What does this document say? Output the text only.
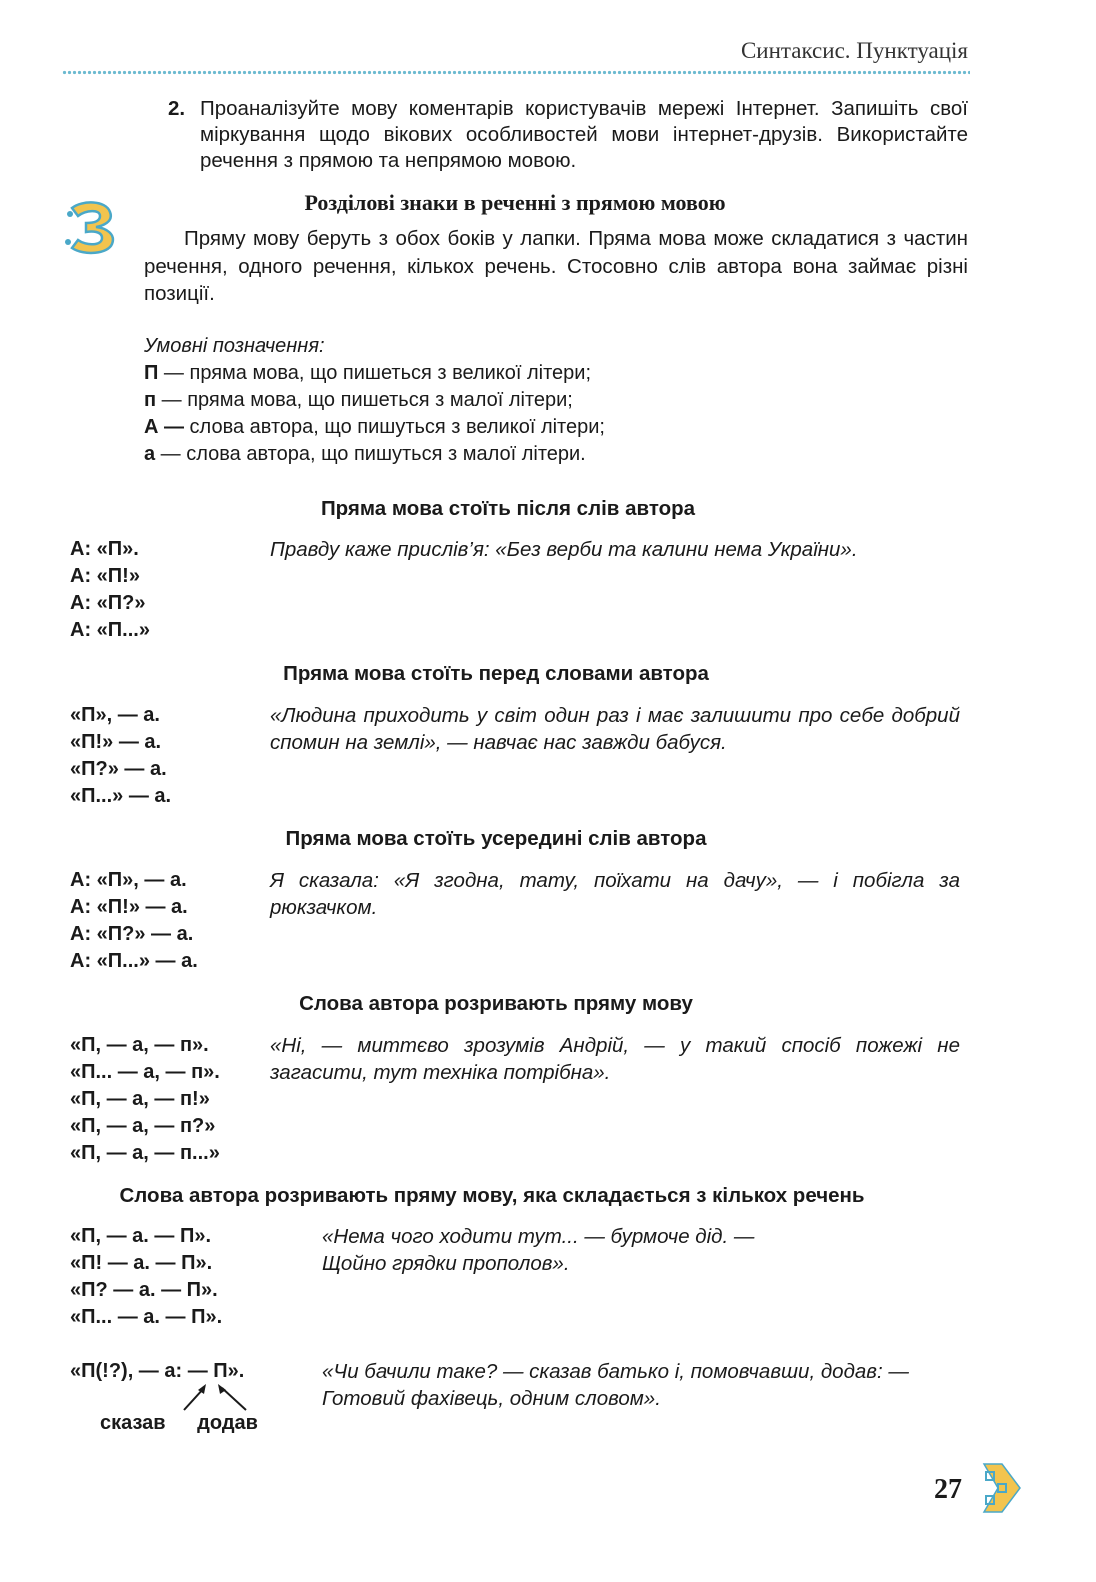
Синтаксис. Пунктуація
2. Проаналізуйте мову коментарів користувачів мережі Інтернет. Запишіть свої міркування щодо вікових особливостей мови інтернет-друзів. Використайте речення з прямою та непрямою мовою.
Розділові знаки в реченні з прямою мовою
Пряму мову беруть з обох боків у лапки. Пряма мова може складатися з частин речення, одного речення, кількох речень. Стосовно слів автора вона займає різні позиції.
Умовні позначення:
П — пряма мова, що пишеться з великої літери;
п — пряма мова, що пишеться з малої літери;
А — слова автора, що пишуться з великої літери;
а — слова автора, що пишуться з малої літери.
Пряма мова стоїть після слів автора
А: «П».
А: «П!»
А: «П?»
А: «П...»
Правду каже прислів’я: «Без верби та калини нема України».
Пряма мова стоїть перед словами автора
«П», — а.
«П!» — а.
«П?» — а.
«П...» — а.
«Людина приходить у світ один раз і має залишити про себе добрий спомин на землі», — навчає нас завжди бабуся.
Пряма мова стоїть усередині слів автора
А: «П», — а.
А: «П!» — а.
А: «П?» — а.
А: «П...» — а.
Я сказала: «Я згодна, тату, поїхати на дачу», — і побігла за рюкзачком.
Слова автора розривають пряму мову
«П, — а, — п».
«П... — а, — п».
«П, — а, — п!»
«П, — а, — п?»
«П, — а, — п...»
«Ні, — миттєво зрозумів Андрій, — у такий спосіб пожежі не загасити, тут техніка потрібна».
Слова автора розривають пряму мову, яка складається з кількох речень
«П, — а. — П».
«П! — а. — П».
«П? — а. — П».
«П... — а. — П».
«Нема чого ходити тут... — бурмоче дід. — Щойно грядки прополов».
«П(!?), — а: — П».
сказав додав
«Чи бачили таке? — сказав батько і, помовчавши, додав: — Готовий фахівець, одним словом».
27
